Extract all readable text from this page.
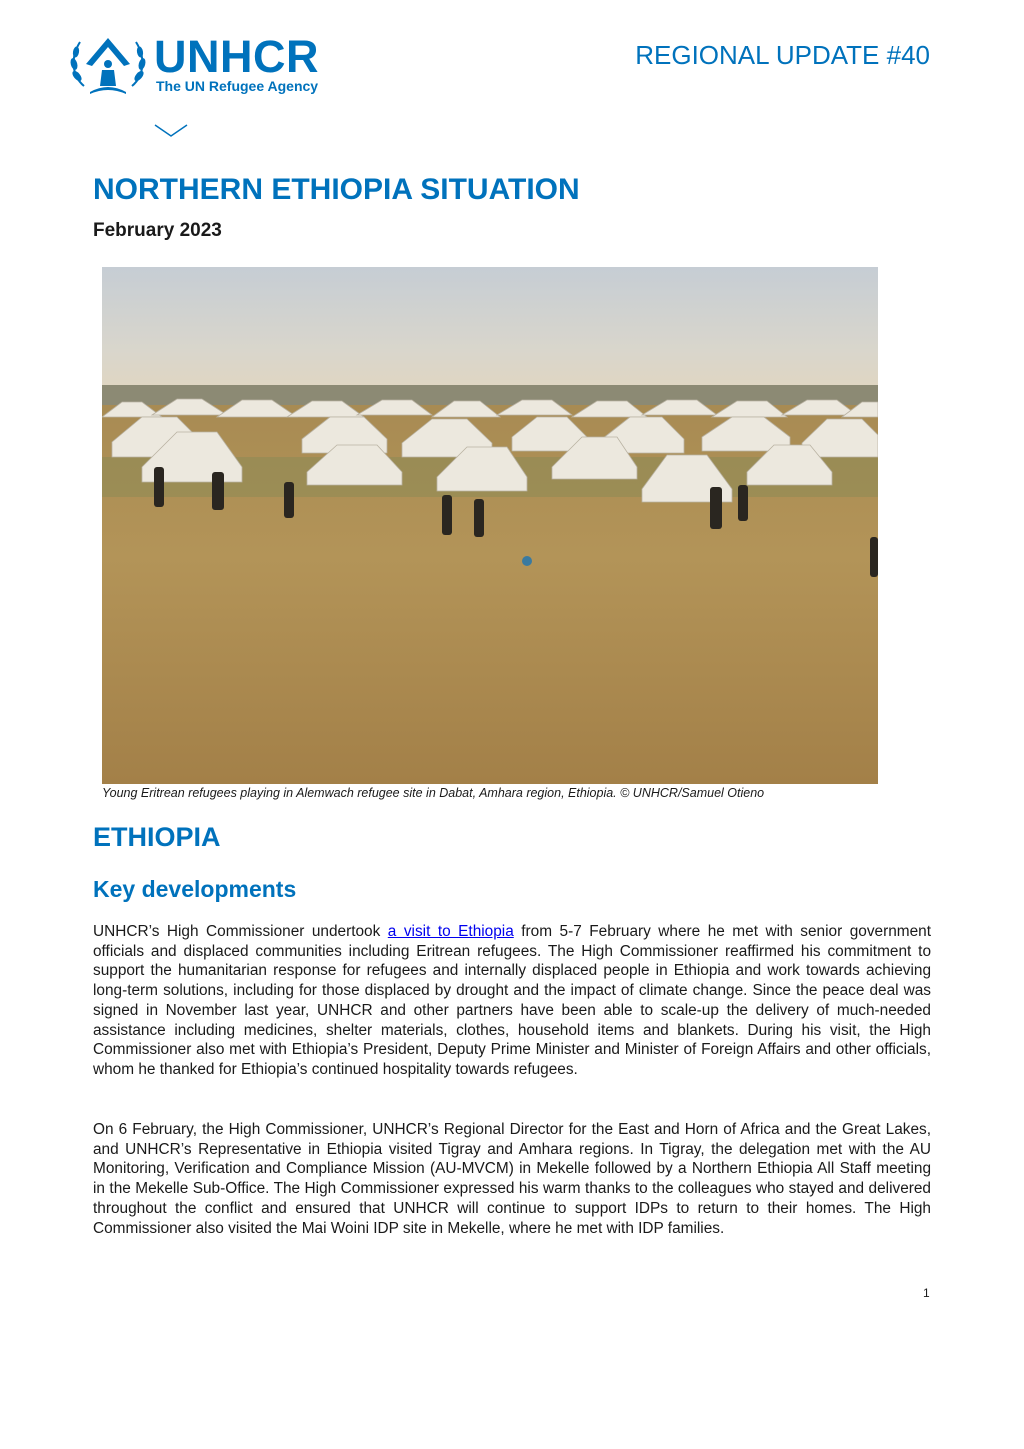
UNHCR
The UN Refugee Agency
REGIONAL UPDATE #40
NORTHERN ETHIOPIA SITUATION
February 2023
Young Eritrean refugees playing in Alemwach refugee site in Dabat, Amhara region, Ethiopia. © UNHCR/Samuel Otieno
ETHIOPIA
Key developments

UNHCR’s High Commissioner undertook a visit to Ethiopia from 5-7 February where he met with senior government officials and displaced communities including Eritrean refugees. The High Commissioner reaffirmed his commitment to support the humanitarian response for refugees and internally displaced people in Ethiopia and work towards achieving long-term solutions, including for those displaced by drought and the impact of climate change. Since the peace deal was signed in November last year, UNHCR and other partners have been able to scale-up the delivery of much-needed assistance including medicines, shelter materials, clothes, household items and blankets. During his visit, the High Commissioner also met with Ethiopia’s President, Deputy Prime Minister and Minister of Foreign Affairs and other officials, whom he thanked for Ethiopia’s continued hospitality towards refugees.

On 6 February, the High Commissioner, UNHCR’s Regional Director for the East and Horn of Africa and the Great Lakes, and UNHCR’s Representative in Ethiopia visited Tigray and Amhara regions. In Tigray, the delegation met with the AU Monitoring, Verification and Compliance Mission (AU-MVCM) in Mekelle followed by a Northern Ethiopia All Staff meeting in the Mekelle Sub-Office. The High Commissioner expressed his warm thanks to the colleagues who stayed and delivered throughout the conflict and ensured that UNHCR will continue to support IDPs to return to their homes. The High Commissioner also visited the Mai Woini IDP site in Mekelle, where he met with IDP families.

1
